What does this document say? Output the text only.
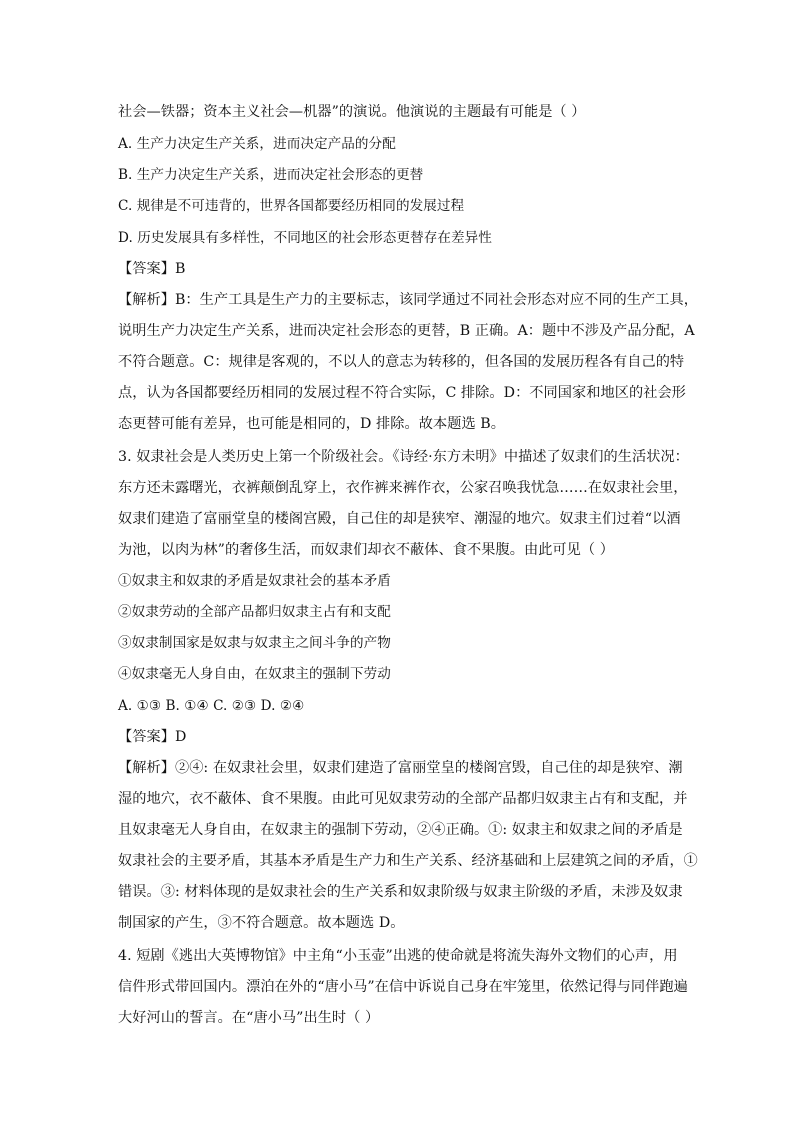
社会—铁器；资本主义社会—机器”的演说。他演说的主题最有可能是（ ）
A. 生产力决定生产关系，进而决定产品的分配
B. 生产力决定生产关系，进而决定社会形态的更替
C. 规律是不可违背的，世界各国都要经历相同的发展过程
D. 历史发展具有多样性，不同地区的社会形态更替存在差异性
【答案】B
【解析】B：生产工具是生产力的主要标志，该同学通过不同社会形态对应不同的生产工具，
说明生产力决定生产关系，进而决定社会形态的更替，B 正确。A：题中不涉及产品分配，A
不符合题意。C：规律是客观的，不以人的意志为转移的，但各国的发展历程各有自己的特
点，认为各国都要经历相同的发展过程不符合实际，C 排除。D：不同国家和地区的社会形
态更替可能有差异，也可能是相同的，D 排除。故本题选 B。
3. 奴隶社会是人类历史上第一个阶级社会。《诗经·东方未明》中描述了奴隶们的生活状况：
东方还未露曙光，衣裤颠倒乱穿上，衣作裤来裤作衣，公家召唤我忧急……在奴隶社会里，
奴隶们建造了富丽堂皇的楼阁宫殿，自己住的却是狭窄、潮湿的地穴。奴隶主们过着“以酒
为池，以肉为林”的奢侈生活，而奴隶们却衣不蔽体、食不果腹。由此可见（ ）
①奴隶主和奴隶的矛盾是奴隶社会的基本矛盾
②奴隶劳动的全部产品都归奴隶主占有和支配
③奴隶制国家是奴隶与奴隶主之间斗争的产物
④奴隶毫无人身自由，在奴隶主的强制下劳动
A. ①③ B. ①④ C. ②③ D. ②④
【答案】D
【解析】②④: 在奴隶社会里，奴隶们建造了富丽堂皇的楼阁宫毁，自己住的却是狭窄、潮
湿的地穴，衣不蔽体、食不果腹。由此可见奴隶劳动的全部产品都归奴隶主占有和支配，并
且奴隶毫无人身自由，在奴隶主的强制下劳动，②④正确。①: 奴隶主和奴隶之间的矛盾是
奴隶社会的主要矛盾，其基本矛盾是生产力和生产关系、经济基础和上层建筑之间的矛盾，①
错误。③: 材料体现的是奴隶社会的生产关系和奴隶阶级与奴隶主阶级的矛盾，未涉及奴隶
制国家的产生，③不符合题意。故本题选 D。
4. 短剧《逃出大英博物馆》中主角“小玉壶”出逃的使命就是将流失海外文物们的心声，用
信件形式带回国内。漂泊在外的“唐小马”在信中诉说自己身在牢笼里，依然记得与同伴跑遍
大好河山的誓言。在“唐小马”出生时（ ）
